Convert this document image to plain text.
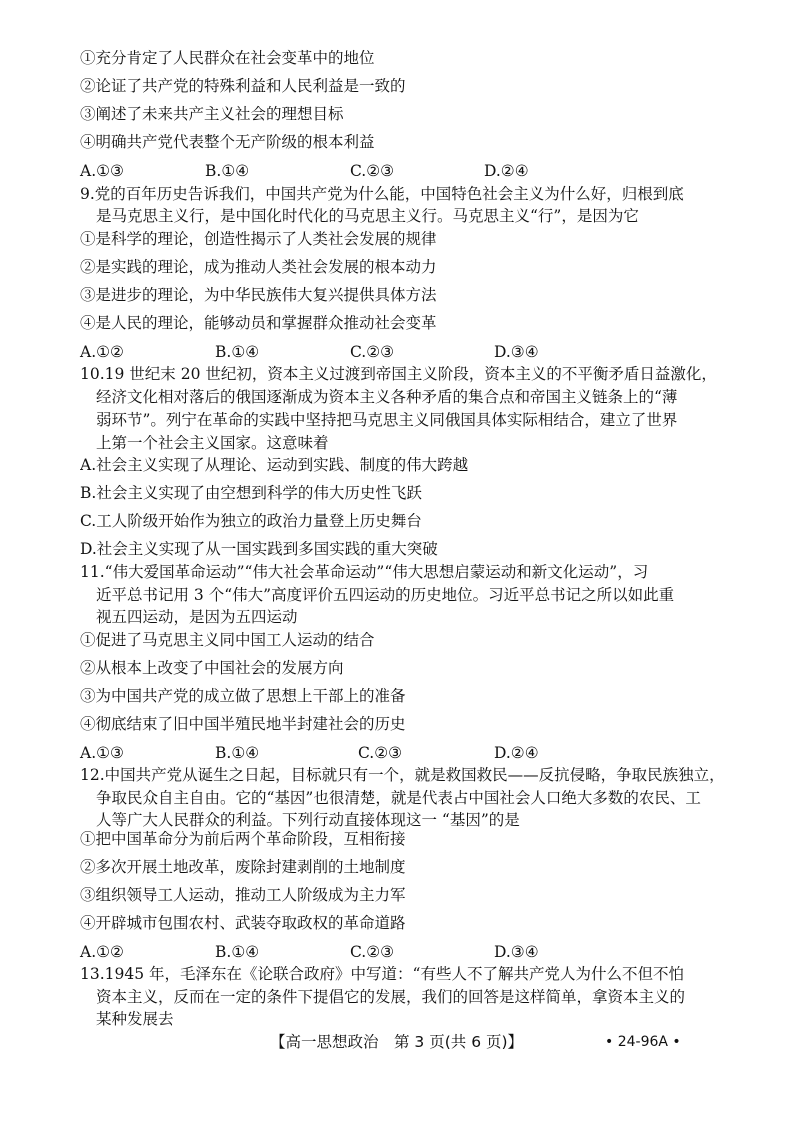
①充分肯定了人民群众在社会变革中的地位
②论证了共产党的特殊利益和人民利益是一致的
③阐述了未来共产主义社会的理想目标
④明确共产党代表整个无产阶级的根本利益
A.①③	B.①④	C.②③	D.②④
9.党的百年历史告诉我们，中国共产党为什么能，中国特色社会主义为什么好，归根到底
是马克思主义行，是中国化时代化的马克思主义行。马克思主义“行”，是因为它
①是科学的理论，创造性揭示了人类社会发展的规律
②是实践的理论，成为推动人类社会发展的根本动力
③是进步的理论，为中华民族伟大复兴提供具体方法
④是人民的理论，能够动员和掌握群众推动社会变革
A.①②	B.①④	C.②③	D.③④
10.19 世纪末 20 世纪初，资本主义过渡到帝国主义阶段，资本主义的不平衡矛盾日益激化，
经济文化相对落后的俄国逐渐成为资本主义各种矛盾的集合点和帝国主义链条上的“薄
弱环节”。列宁在革命的实践中坚持把马克思主义同俄国具体实际相结合，建立了世界
上第一个社会主义国家。这意味着
A.社会主义实现了从理论、运动到实践、制度的伟大跨越
B.社会主义实现了由空想到科学的伟大历史性飞跃
C.工人阶级开始作为独立的政治力量登上历史舞台
D.社会主义实现了从一国实践到多国实践的重大突破
11.“伟大爱国革命运动”“伟大社会革命运动”“伟大思想启蒙运动和新文化运动”，习
近平总书记用 3 个“伟大”高度评价五四运动的历史地位。习近平总书记之所以如此重
视五四运动，是因为五四运动
①促进了马克思主义同中国工人运动的结合
②从根本上改变了中国社会的发展方向
③为中国共产党的成立做了思想上干部上的准备
④彻底结束了旧中国半殖民地半封建社会的历史
A.①③	B.①④	C.②③	D.②④
12.中国共产党从诞生之日起，目标就只有一个，就是救国救民——反抗侵略，争取民族独立，
争取民众自主自由。它的“基因”也很清楚，就是代表占中国社会人口绝大多数的农民、工
人等广大人民群众的利益。下列行动直接体现这一 “基因”的是
①把中国革命分为前后两个革命阶段，互相衔接
②多次开展土地改革，废除封建剥削的土地制度
③组织领导工人运动，推动工人阶级成为主力军
④开辟城市包围农村、武装夺取政权的革命道路
A.①②	B.①④	C.②③	D.③④
13.1945 年，毛泽东在《论联合政府》中写道：“有些人不了解共产党人为什么不但不怕
资本主义，反而在一定的条件下提倡它的发展，我们的回答是这样简单，拿资本主义的
某种发展去
【高一思想政治　第 3 页(共 6 页)】	• 24-96A •
